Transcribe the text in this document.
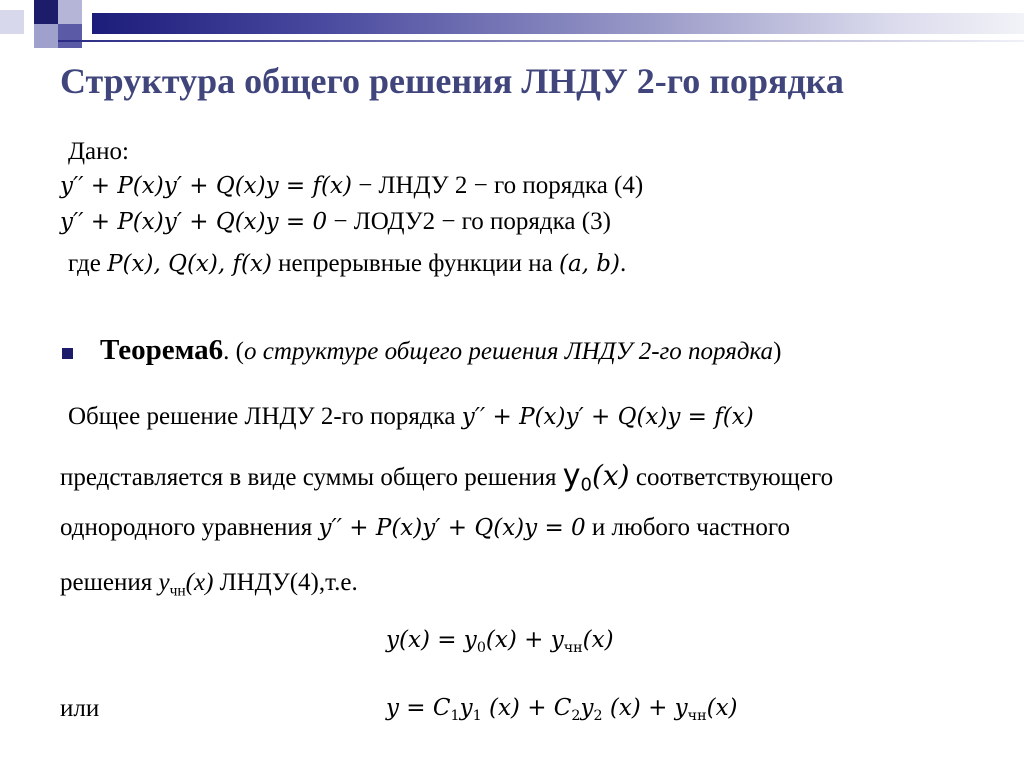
Структура общего решения ЛНДУ 2-го порядка
Дано:
y′′ + P(x)y′ + Q(x)y = f(x) − ЛНДУ 2 − го порядка (4)
y′′ + P(x)y′ + Q(x)y = 0 − ЛОДУ2 − го порядка (3)
где P(x), Q(x), f(x) непрерывные функции на (a, b).
Теорема6. (о структуре общего решения ЛНДУ 2-го порядка)
Общее решение ЛНДУ 2-го порядка y′′ + P(x)y′ + Q(x)y = f(x)
представляется в виде суммы общего решения $y_0(x)$ соответствующего
однородного уравнения y′′ + P(x)y′ + Q(x)y = 0 и любого частного
решения $y_{чн}(x)$ ЛНДУ(4),т.е.
$y(x) = y_0(x) + y_{чн}(x)$
или	$y = C_1y_1$ $(x) + C_2y_2$ $(x) + y_{чн}(x)$
